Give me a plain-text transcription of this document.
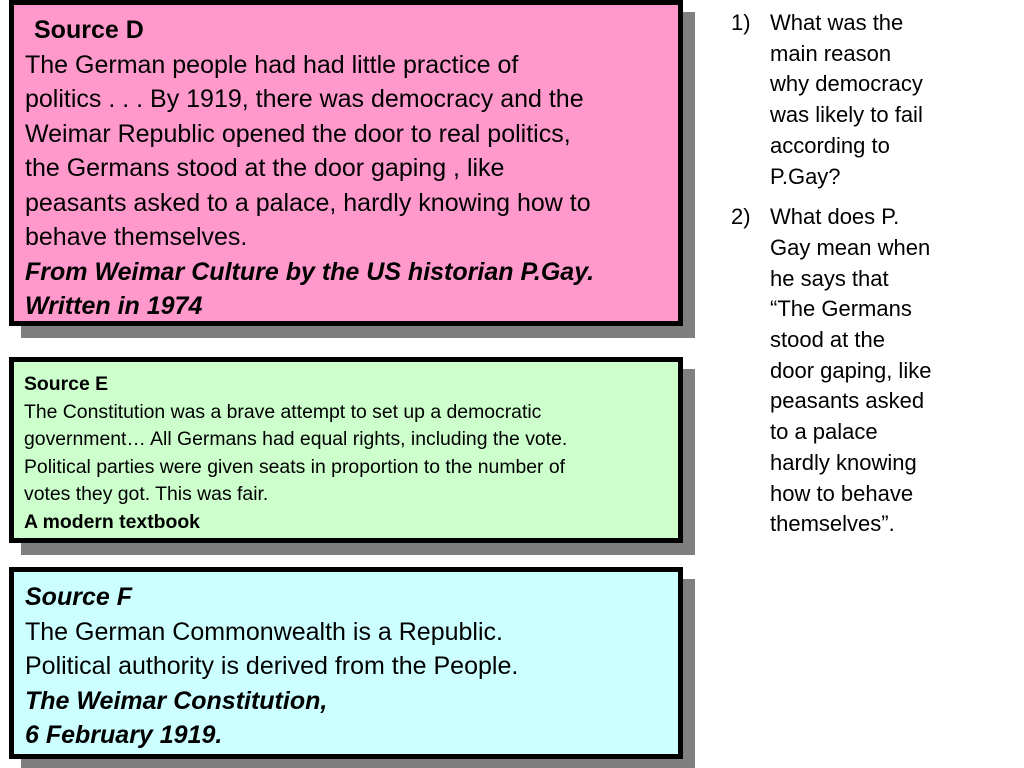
Source D
The German people had had little practice of
politics . . . By 1919, there was democracy and the
Weimar Republic opened the door to real politics,
the Germans stood at the door gaping , like
peasants asked to a palace, hardly knowing how to
behave themselves.
From Weimar Culture by the US historian P.Gay.
Written in 1974
Source E
The Constitution was a brave attempt to set up a democratic
government… All Germans had equal rights, including the vote.
Political parties were given seats in proportion to the number of
votes they got. This was fair.
A modern textbook
Source F
The German Commonwealth is a Republic.
Political authority is derived from the People.
The Weimar Constitution,
6 February 1919.
1) What was the
main reason
why democracy
was likely to fail
according to
P.Gay?
2) What does P.
Gay mean when
he says that
“The Germans
stood at the
door gaping, like
peasants asked
to a palace
hardly knowing
how to behave
themselves”.
